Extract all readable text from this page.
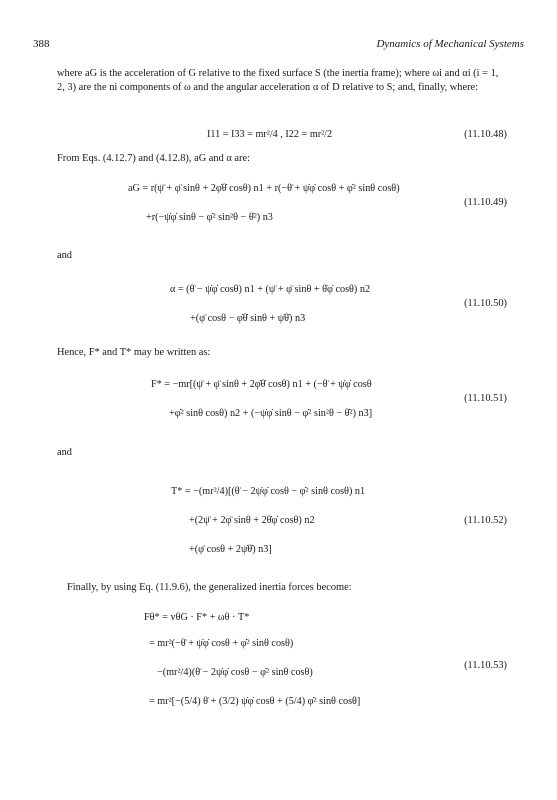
388	Dynamics of Mechanical Systems
where aG is the acceleration of G relative to the fixed surface S (the inertia frame); where ωi and αi (i = 1, 2, 3) are the ni components of ω and the angular acceleration α of D relative to S; and, finally, where:
I11 = I33 = mr²/4 , I22 = mr²/2	(11.10.48)
From Eqs. (4.12.7) and (4.12.8), aG and α are:
aG = r(ψ̈ + φ̈ sinθ + 2φ̇θ̇ cosθ) n1 + r(−θ̈ + ψ̇φ̇ cosθ + φ̇² sinθ cosθ)
+r(−ψ̇φ̇ sinθ − φ̇² sin²θ − θ̇²) n3
(11.10.49)
and
α = (θ̈ − ψ̇φ̇ cosθ) n1 + (ψ̈ + φ̈ sinθ + θ̇φ̇ cosθ) n2
+(φ̈ cosθ − φ̇θ̇ sinθ + ψ̇θ̇) n3
(11.10.50)
Hence, F* and T* may be written as:
F* = −mr[(ψ̈ + φ̈ sinθ + 2φ̇θ̇ cosθ) n1 + (−θ̈ + ψ̇φ̇ cosθ
+φ̇² sinθ cosθ) n2 + (−ψ̇φ̇ sinθ − φ̇² sin²θ − θ̇²) n3]
(11.10.51)
and
T* = −(mr²/4)[(θ̈ − 2ψ̇φ̇ cosθ − φ̇² sinθ cosθ) n1
+(2ψ̈ + 2φ̈ sinθ + 2θ̇φ̇ cosθ) n2
+(φ̈ cosθ + 2ψ̇θ̇) n3]
(11.10.52)
Finally, by using Eq. (11.9.6), the generalized inertia forces become:
Fθ* = vθG · F* + ωθ · T*
= mr²(−θ̈ + ψ̇φ̇ cosθ + φ̇² sinθ cosθ)
−(mr²/4)(θ̈ − 2ψ̇φ̇ cosθ − φ̇² sinθ cosθ)
= mr²[−(5/4) θ̈ + (3/2) ψ̇φ̇ cosθ + (5/4) φ̇² sinθ cosθ]
(11.10.53)
